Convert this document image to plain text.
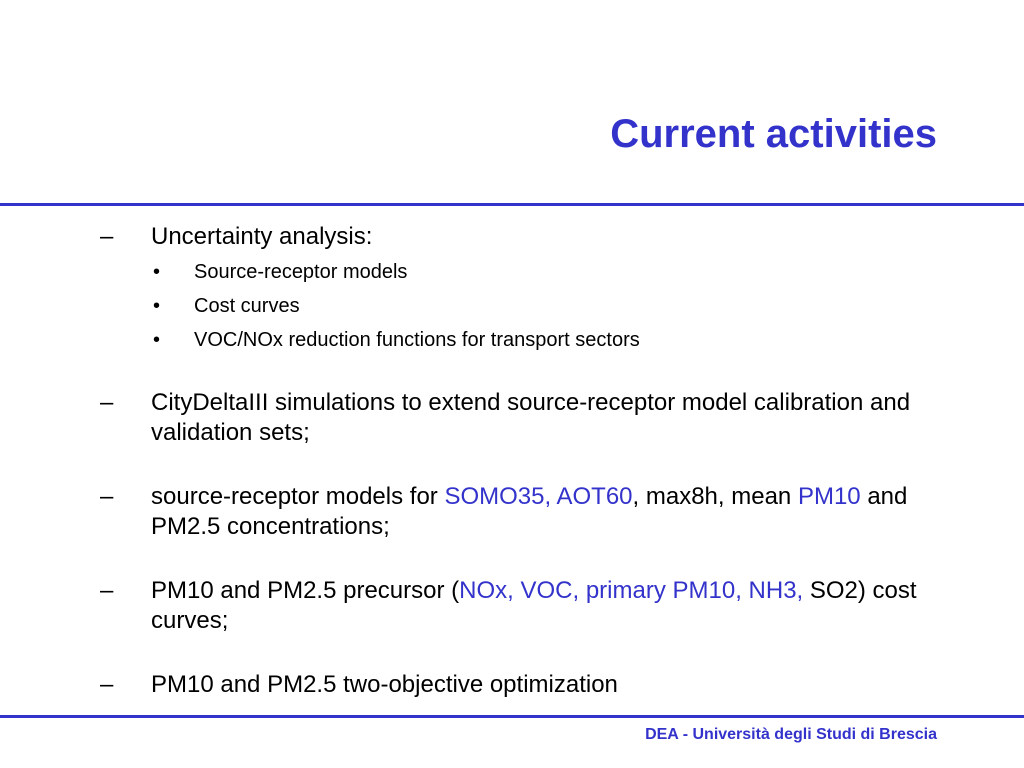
Current activities
– Uncertainty analysis:
• Source-receptor models
• Cost curves
• VOC/NOx reduction functions for transport sectors
– CityDeltaIII simulations to extend source-receptor model calibration and validation sets;
– source-receptor models for SOMO35, AOT60, max8h, mean PM10 and PM2.5 concentrations;
– PM10 and PM2.5 precursor (NOx, VOC, primary PM10, NH3, SO2) cost curves;
– PM10 and PM2.5 two-objective optimization
DEA - Università degli Studi di Brescia
